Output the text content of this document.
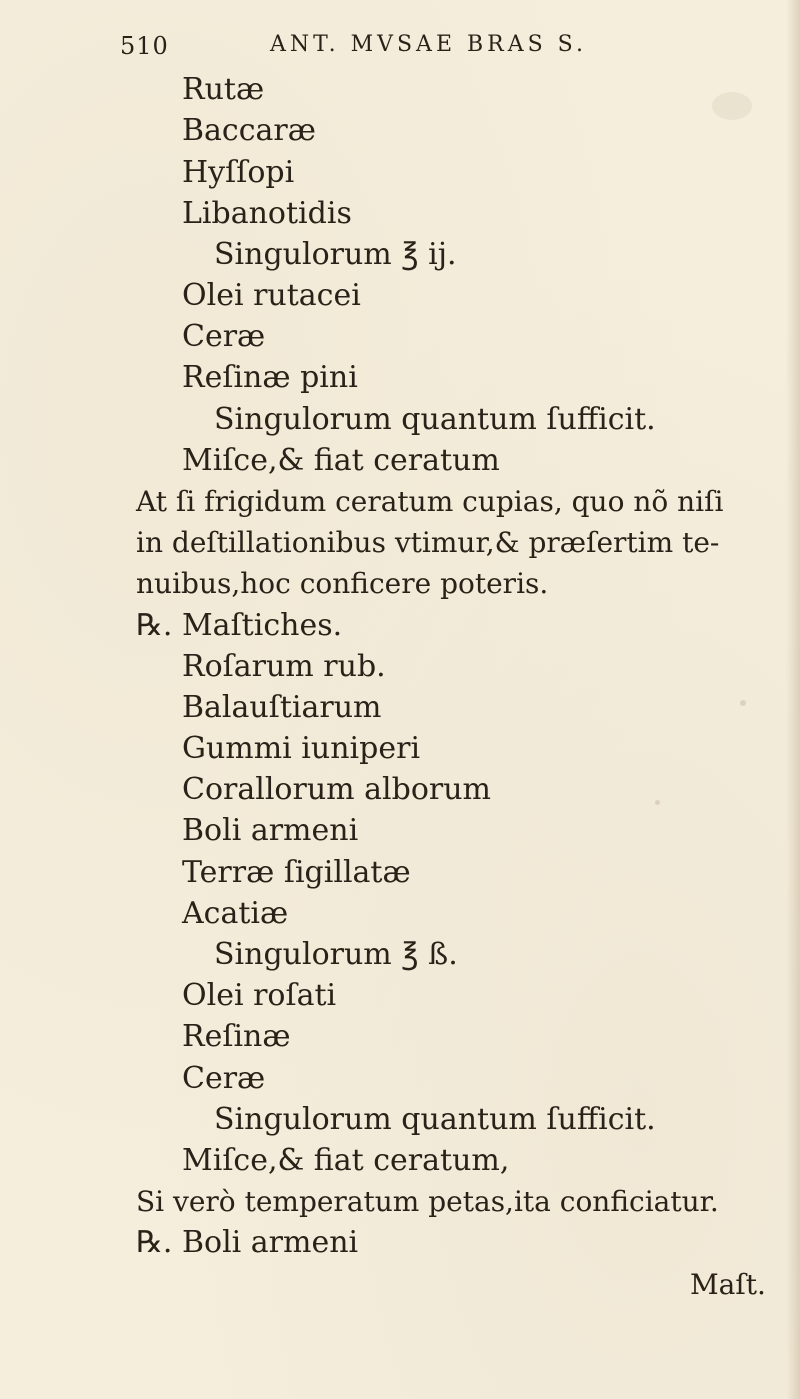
510	ANT. MVSAE BRAS S.
Rutæ
Baccaræ
Hyſſopi
Libanotidis
Singulorum ℥ ij.
Olei rutacei
Ceræ
Reſinæ pini
Singulorum quantum ſufficit.
Miſce,& fiat ceratum
At ſi frigidum ceratum cupias, quo nõ niſi
in deſtillationibus vtimur,& præſertim te-
nuibus,hoc conficere poteris.
℞. Maſtiches.
Roſarum rub.
Balauſtiarum
Gummi iuniperi
Corallorum alborum
Boli armeni
Terræ ſigillatæ
Acatiæ
Singulorum ℥ ß.
Olei roſati
Reſinæ
Ceræ
Singulorum quantum ſufficit.
Miſce,& fiat ceratum,
Si verò temperatum petas,ita conficiatur.
℞. Boli armeni
Maſt.
